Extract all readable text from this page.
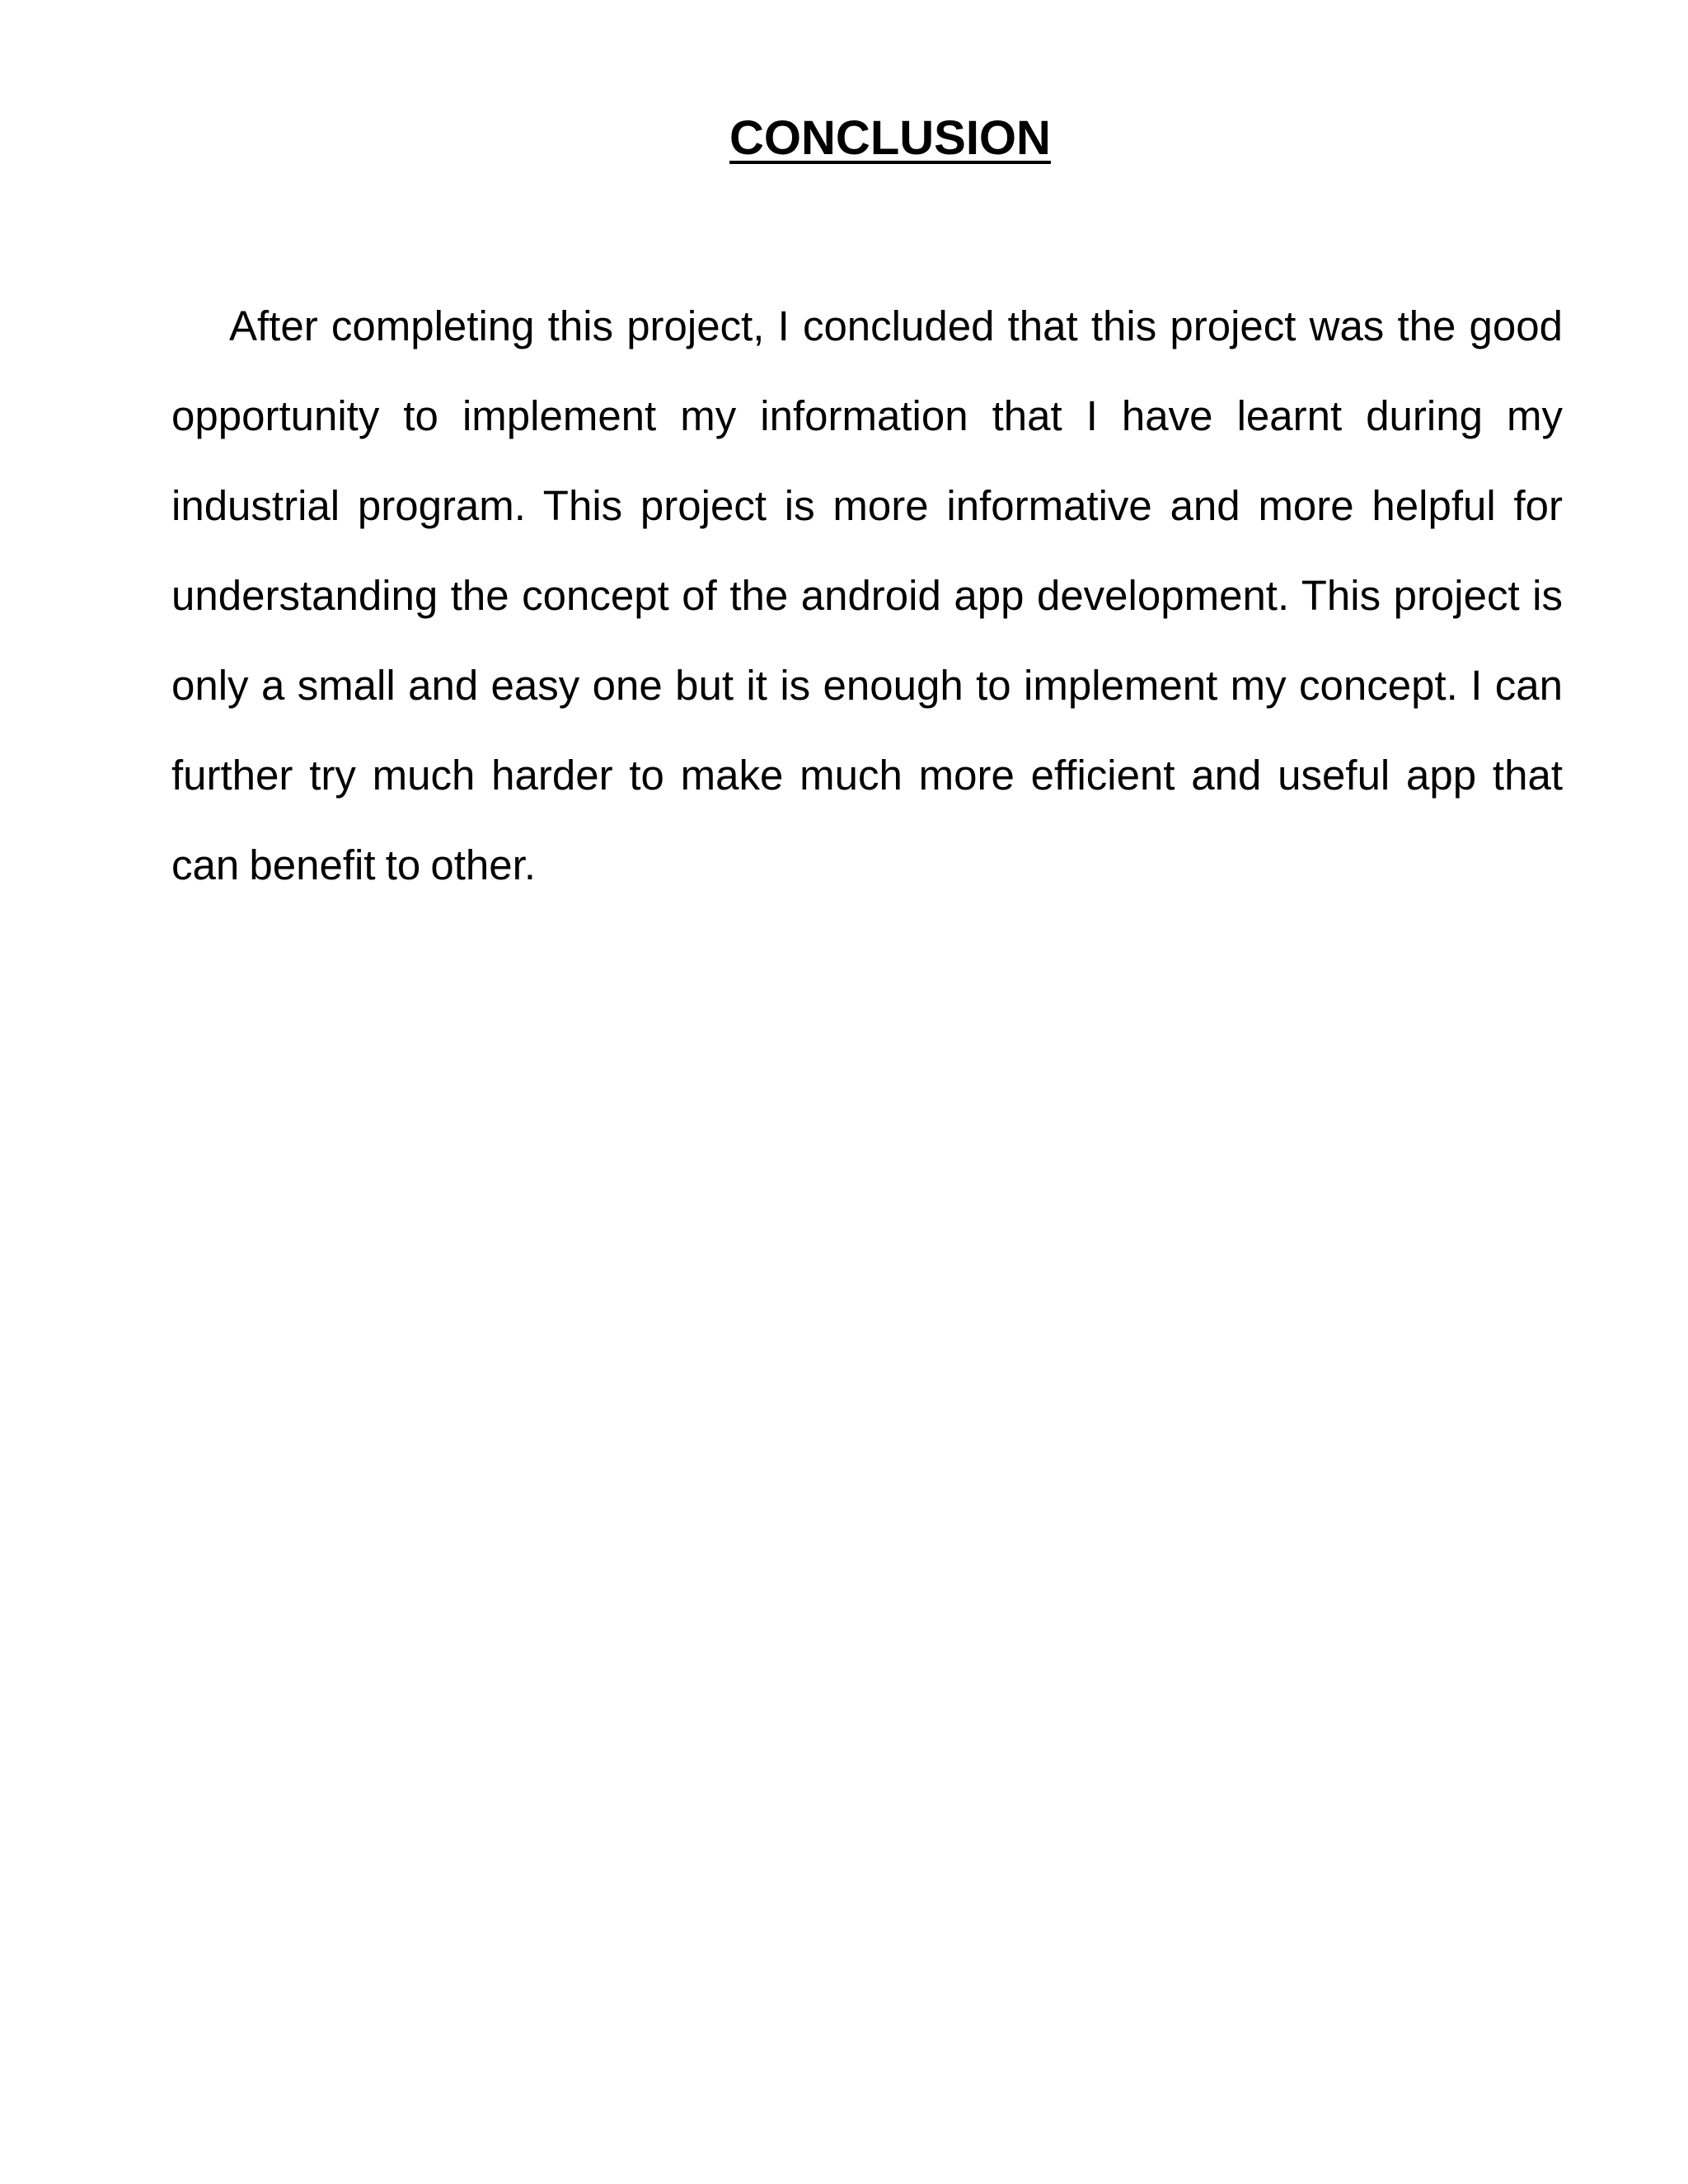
CONCLUSION

After completing this project, I concluded that this project was the good opportunity to implement my information that I have learnt during my industrial program. This project is more informative and more helpful for understanding the concept of the android app development. This project is only a small and easy one but it is enough to implement my concept. I can further try much harder to make much more efficient and useful app that can benefit to other.
